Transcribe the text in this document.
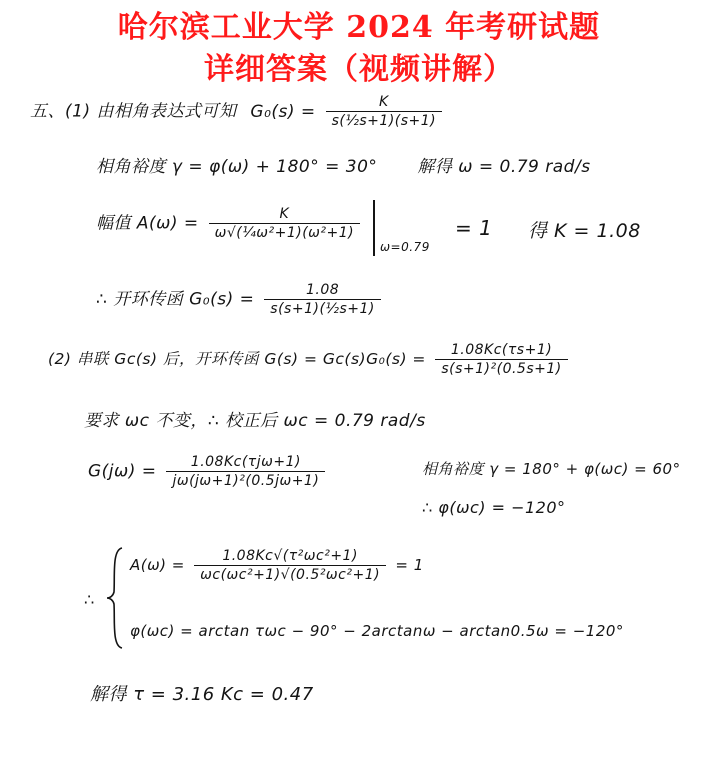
哈尔滨工业大学 2024 年考研试题
详细答案（视频讲解）
五、(1) 由相角表达式可知 $G_0(s) = \frac{K}{\text{s(½s+1)(s+1)}}$
相角裕度 γ = φ(ω) + 180° = 30° 解得 ω = 0.79 rad/s
幅值 $A(\omega) = \frac{K}{\text{ω√(¼ω²+1)(ω²+1)}}$
ω=0.79
= 1 得 K = 1.08
∴ 开环传函 $G_0(s) = \frac{1.08}{\text{s(s+1)(½s+1)}}$
(2) 串联 Gc(s) 后，开环传函 $G(s) = Gc(s)G_0(s) = \frac{1.08Kc(\tau s+1)}{\text{s(s+1)²(0.5s+1)}}$
要求 ωc 不变，∴ 校正后 ωc = 0.79 rad/s
$G(j\omega) = \frac{\text{1.08Kc(τjω+1)}}{\text{jω(jω+1)²(0.5jω+1)}}$	相角裕度 γ = 180° + φ(ωc) = 60°
∴ φ(ωc) = −120°
∴
$A(\omega) = \frac{\text{1.08Kc√(τ²ωc²+1)}}{\text{ωc(ωc²+1)√(0.5²ωc²+1)}} = 1$
φ(ωc) = arctan τωc − 90° − 2arctanω − arctan0.5ω = −120°
解得 τ = 3.16 Kc = 0.47
